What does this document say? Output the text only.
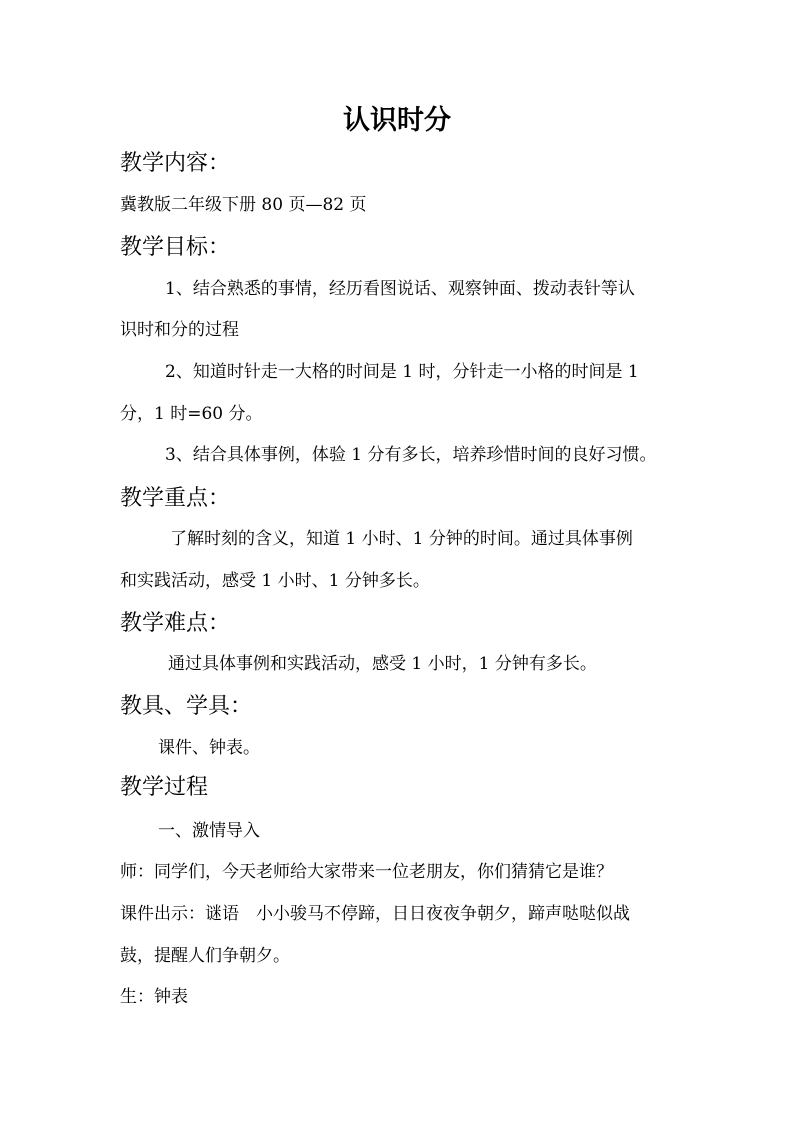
认识时分
教学内容：
冀教版二年级下册 80 页—82 页
教学目标：
1、结合熟悉的事情，经历看图说话、观察钟面、拨动表针等认
识时和分的过程
2、知道时针走一大格的时间是 1 时，分针走一小格的时间是 1
分，1 时=60 分。
3、结合具体事例，体验 1 分有多长，培养珍惜时间的良好习惯。
教学重点：
了解时刻的含义，知道 1 小时、1 分钟的时间。通过具体事例
和实践活动，感受 1 小时、1 分钟多长。
教学难点：
通过具体事例和实践活动，感受 1 小时，1 分钟有多长。
教具、学具：
课件、钟表。
教学过程
一、激情导入
师：同学们，今天老师给大家带来一位老朋友，你们猜猜它是谁？
课件出示：谜语　小小骏马不停蹄，日日夜夜争朝夕，蹄声哒哒似战
鼓，提醒人们争朝夕。
生：钟表
